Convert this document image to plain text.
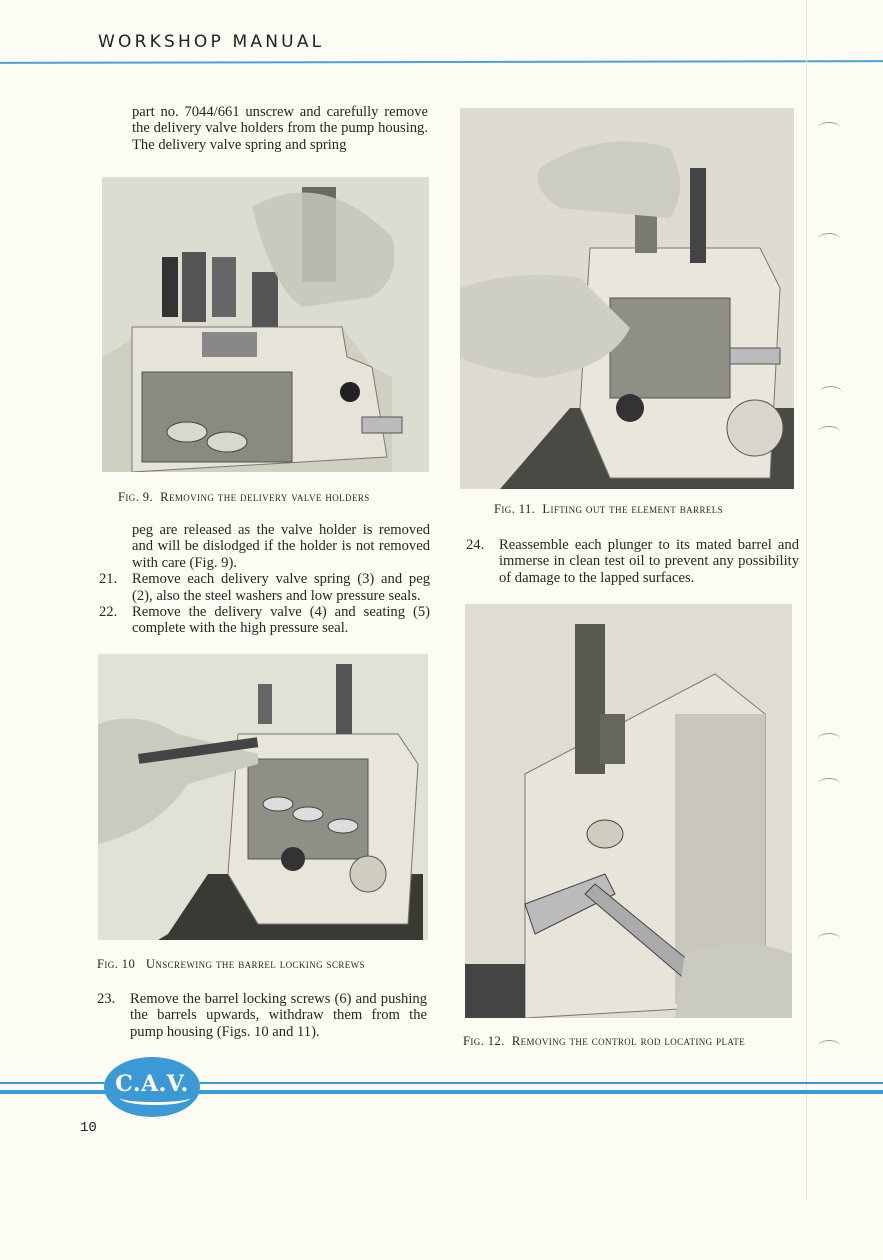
WORKSHOP MANUAL

part no. 7044/661 unscrew and carefully remove the delivery valve holders from the pump housing. The delivery valve spring and spring

Fig. 9. Removing the delivery valve holders
peg are released as the valve holder is removed and will be dislodged if the holder is not removed with care (Fig. 9).
21.	Remove each delivery valve spring (3) and peg (2), also the steel washers and low pressure seals.
22.	Remove the delivery valve (4) and seating (5) complete with the high pressure seal.
Fig. 10 Unscrewing the barrel locking screws
23.	Remove the barrel locking screws (6) and pushing the barrels upwards, withdraw them from the pump housing (Figs. 10 and 11).
Fig. 11. Lifting out the element barrels
24.	Reassemble each plunger to its mated barrel and immerse in clean test oil to prevent any possibility of damage to the lapped surfaces.
Fig. 12. Removing the control rod locating plate
C.A.V.
10
